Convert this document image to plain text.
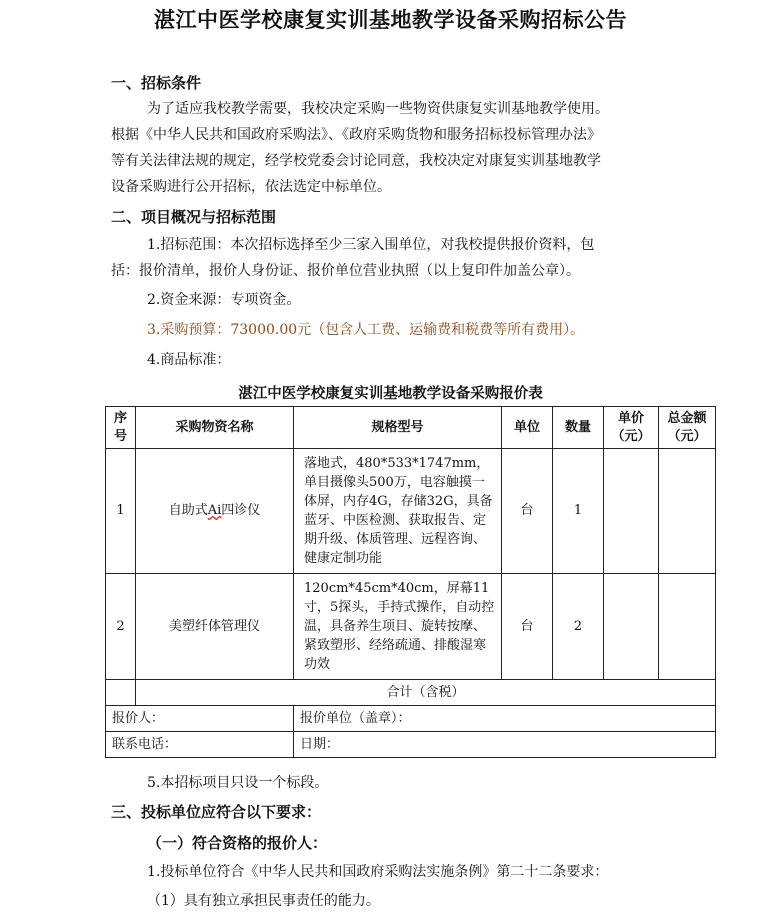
湛江中医学校康复实训基地教学设备采购招标公告
一、招标条件
为了适应我校教学需要，我校决定采购一些物资供康复实训基地教学使用。
根据《中华人民共和国政府采购法》、《政府采购货物和服务招标投标管理办法》
等有关法律法规的规定，经学校党委会讨论同意，我校决定对康复实训基地教学
设备采购进行公开招标，依法选定中标单位。
二、项目概况与招标范围
1.招标范围：本次招标选择至少三家入围单位，对我校提供报价资料，包
括：报价清单，报价人身份证、报价单位营业执照（以上复印件加盖公章）。
2.资金来源：专项资金。
3.采购预算：73000.00元（包含人工费、运输费和税费等所有费用）。
4.商品标准：
湛江中医学校康复实训基地教学设备采购报价表
序号	采购物资名称	规格型号	单位	数量	单价（元）	总金额（元）
1	自助式Ai四诊仪	落地式，480*533*1747mm，单目摄像头500万，电容触摸一体屏，内存4G，存储32G，具备蓝牙、中医检测、获取报告、定期升级、体质管理、远程咨询、健康定制功能	台	1		
2	美塑纤体管理仪	120cm*45cm*40cm，屏幕11寸，5探头，手持式操作，自动控温，具备养生项目、旋转按摩、紧致塑形、经络疏通、排酸湿寒功效	台	2		
	合计（含税）					
报价人：		报价单位（盖章）：				
联系电话：		日期：				
5.本招标项目只设一个标段。
三、投标单位应符合以下要求：
（一）符合资格的报价人：
1.投标单位符合《中华人民共和国政府采购法实施条例》第二十二条要求：
（1）具有独立承担民事责任的能力。
